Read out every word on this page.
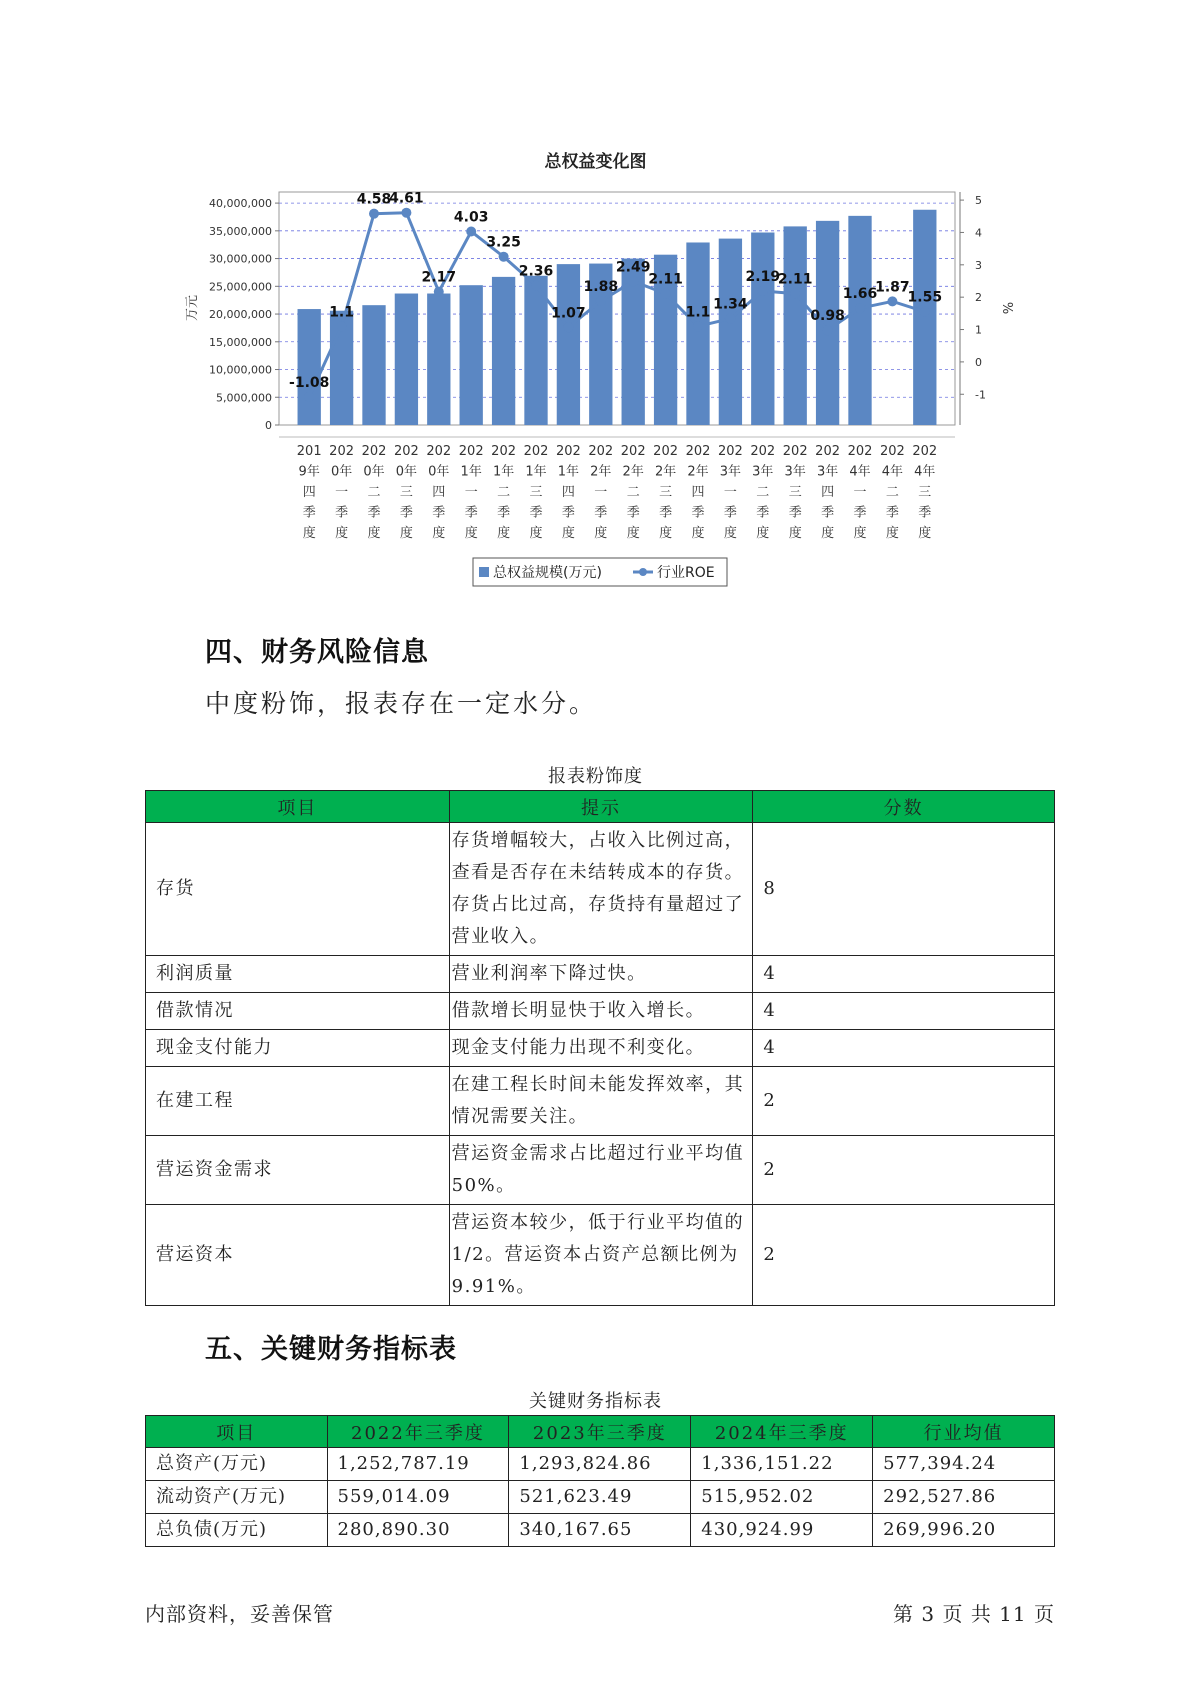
总权益变化图
0
5,000,000
10,000,000
15,000,000
20,000,000
25,000,000
30,000,000
35,000,000
40,000,000
万元
-1
0
1
2
3
4
5
%
201 9年四季度
202 0年一季度
202 0年二季度
202 0年三季度
202 0年四季度
202 1年一季度
202 1年二季度
202 1年三季度
202 1年四季度
202 2年一季度
202 2年二季度
202 2年三季度
202 2年四季度
202 3年一季度
202 3年二季度
202 3年三季度
202 3年四季度
202 4年一季度
202 4年二季度
202 4年三季度
-1.08
1.1
4.58
4.61
2.17
4.03
3.25
2.36
1.07
1.88
2.49
2.11
1.1 1.34
2.19
2.11
0.98
1.66
1.87
1.55
总权益规模(万元)	行业ROE
四、财务风险信息
中度粉饰，报表存在一定水分。
报表粉饰度
项目	提示	分数
存货	存货增幅较大，占收入比例过高，查看是否存在未结转成本的存货。存货占比过高，存货持有量超过了营业收入。	8
利润质量	营业利润率下降过快。	4
借款情况	借款增长明显快于收入增长。	4
现金支付能力	现金支付能力出现不利变化。	4
在建工程	在建工程长时间未能发挥效率，其情况需要关注。	2
营运资金需求	营运资金需求占比超过行业平均值50%。	2
营运资本	营运资本较少，低于行业平均值的1/2。营运资本占资产总额比例为9.91%。	2
五、关键财务指标表
关键财务指标表
项目	2022年三季度	2023年三季度	2024年三季度	行业均值
总资产(万元)	1,252,787.19	1,293,824.86	1,336,151.22	577,394.24
流动资产(万元)	559,014.09	521,623.49	515,952.02	292,527.86
总负债(万元)	280,890.30	340,167.65	430,924.99	269,996.20
内部资料，妥善保管	第 3 页 共 11 页
